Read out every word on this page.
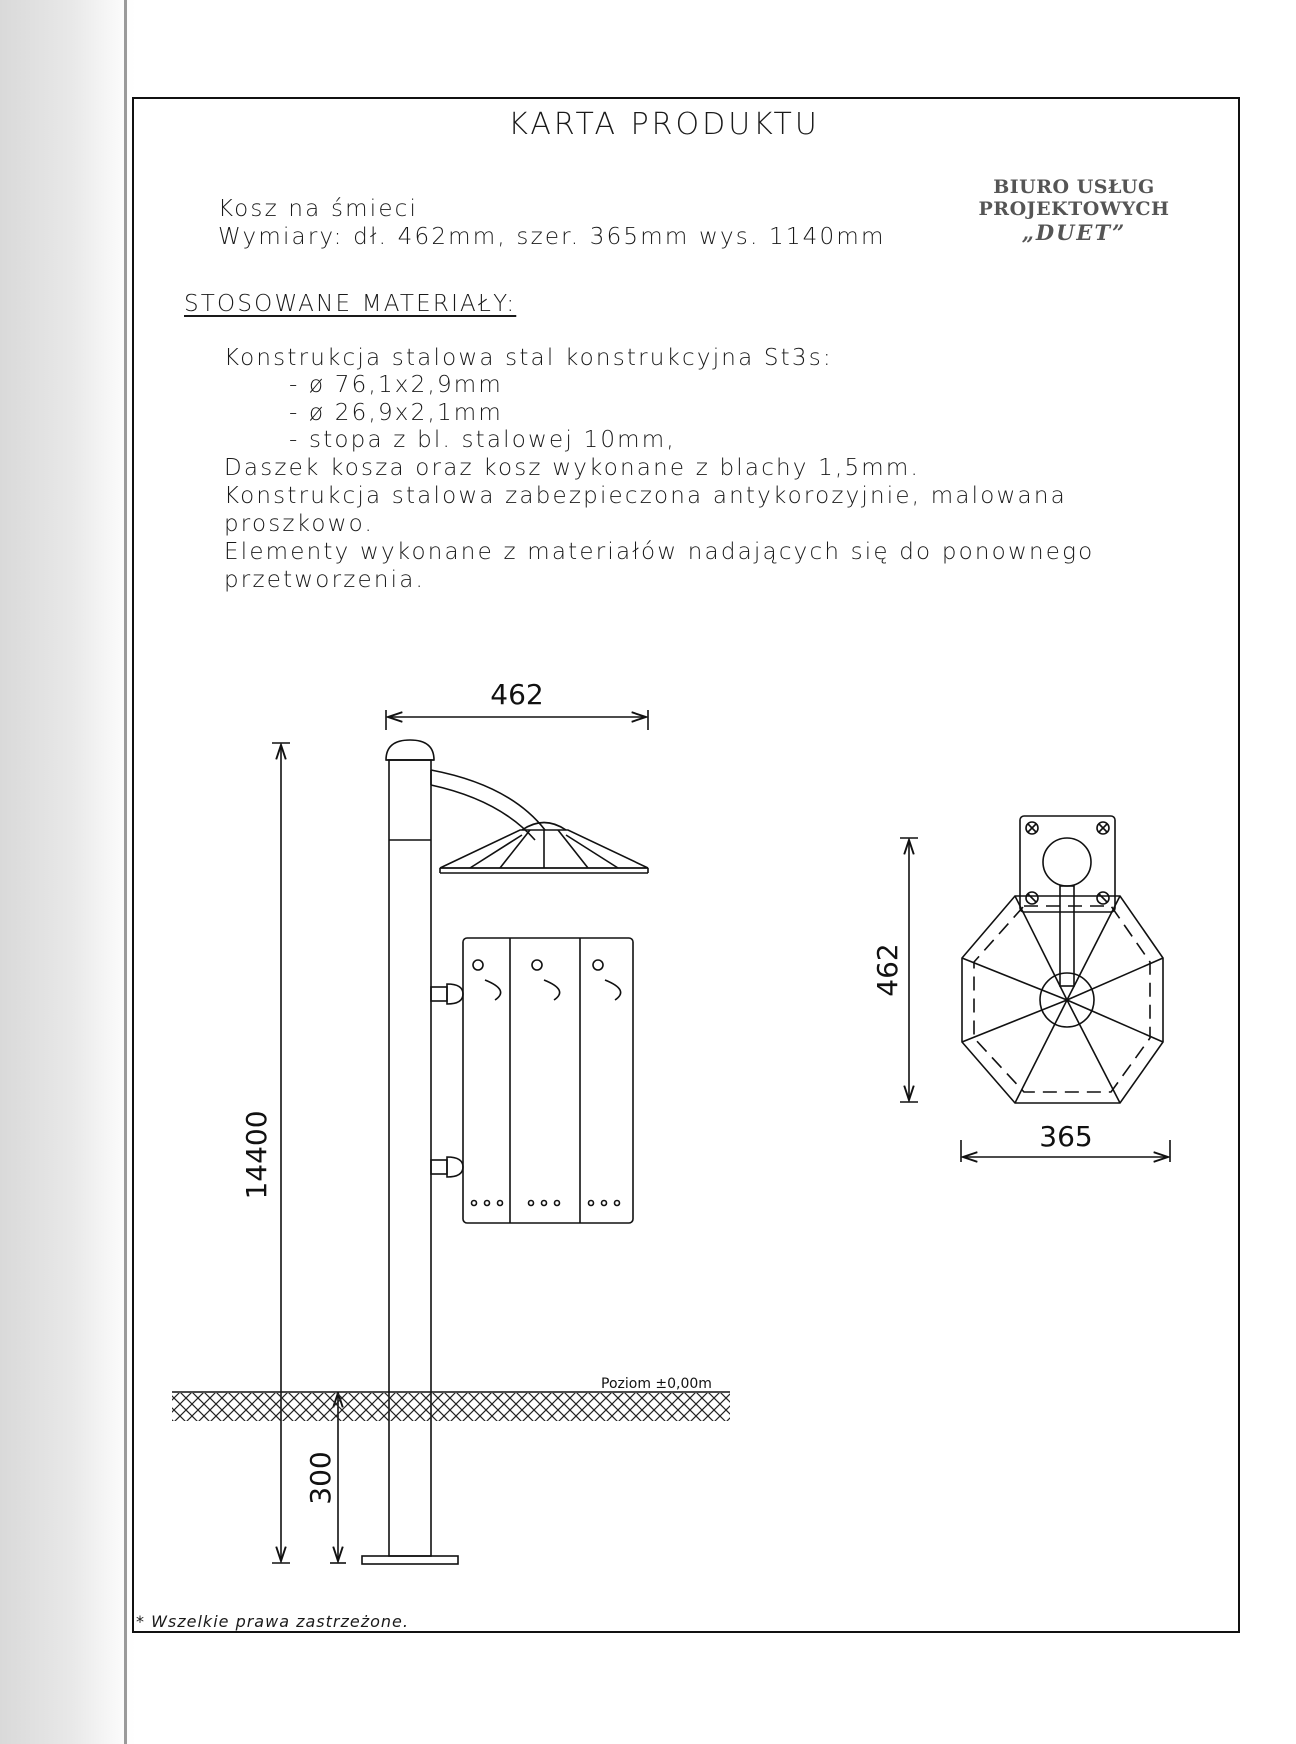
KARTA PRODUKTU
BIURO USŁUG PROJEKTOWYCH
„DUET”
Kosz na śmieci
Wymiary: dł. 462mm, szer. 365mm wys. 1140mm
STOSOWANE MATERIAŁY:
Konstrukcja stalowa stal konstrukcyjna St3s:
- ø 76,1x2,9mm
- ø 26,9x2,1mm
- stopa z bl. stalowej 10mm,
Daszek kosza oraz kosz wykonane z blachy 1,5mm.
Konstrukcja stalowa zabezpieczona antykorozyjnie, malowana
proszkowo.
Elementy wykonane z materiałów nadających się do ponownego
przetworzenia.
* Wszelkie prawa zastrzeżone.
462
14400
300
Poziom ±0,00m
462
365
